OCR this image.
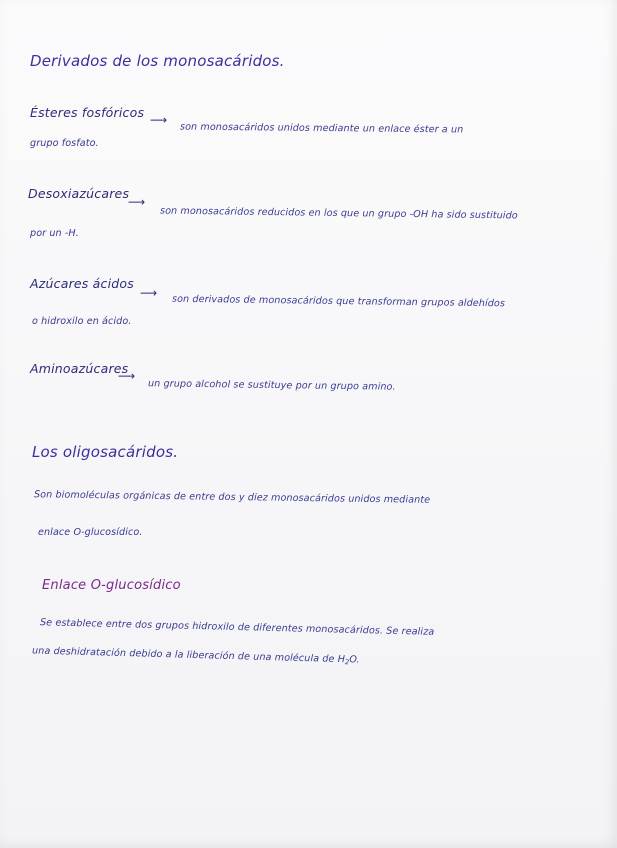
Derivados de los monosacáridos.
Ésteres fosfóricos ⟶
son monosacáridos unidos mediante un enlace éster a un
grupo fosfato.
Desoxiazúcares
⟶
son monosacáridos reducidos en los que un grupo -OH ha sido sustituido
por un -H.
Azúcares ácidos
⟶
son derivados de monosacáridos que transforman grupos aldehídos
o hidroxilo en ácido.
Aminoazúcares
⟶
un grupo alcohol se sustituye por un grupo amino.
Los oligosacáridos.
Son biomoléculas orgánicas de entre dos y diez monosacáridos unidos mediante
enlace O-glucosídico.
Enlace O-glucosídico
Se establece entre dos grupos hidroxilo de diferentes monosacáridos. Se realiza
una deshidratación debido a la liberación de una molécula de $H_2O$.
